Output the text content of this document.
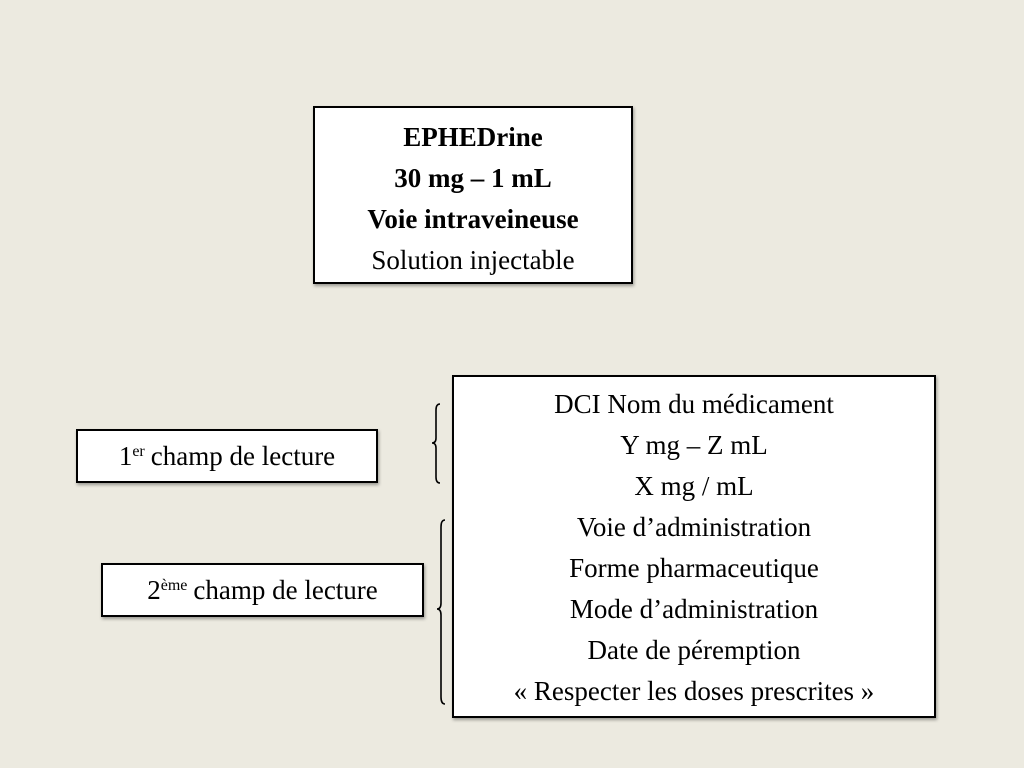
EPHEDrine
30 mg – 1 mL
Voie intraveineuse
Solution injectable
1er champ de lecture
2ème champ de lecture
DCI Nom du médicament
Y mg – Z mL
X mg / mL
Voie d’administration
Forme pharmaceutique
Mode d’administration
Date de péremption
« Respecter les doses prescrites »
